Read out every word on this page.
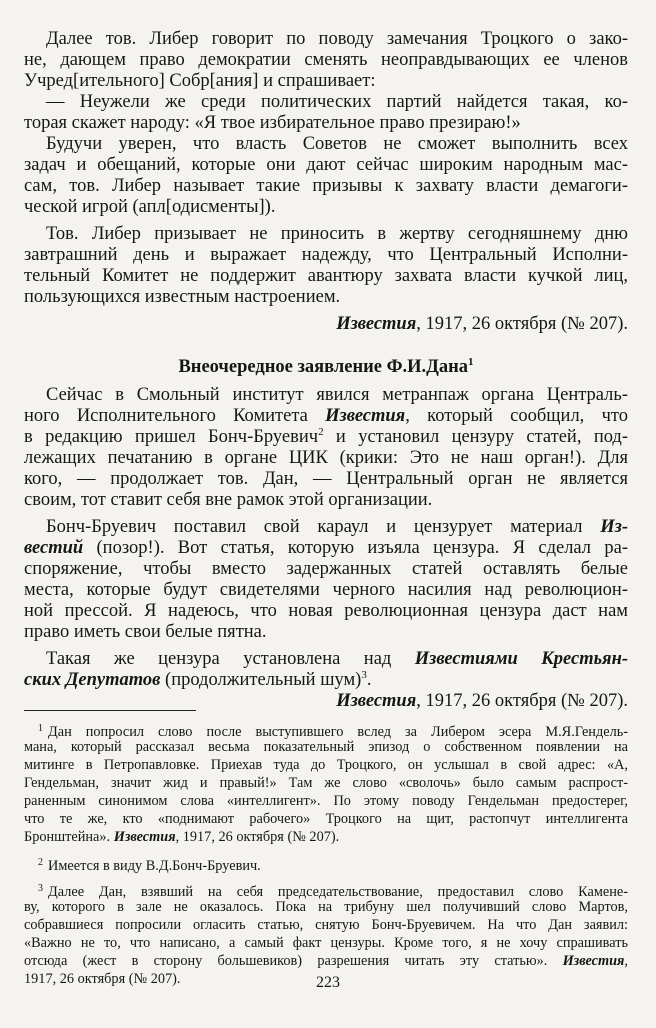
Далее тов. Либер говорит по поводу замечания Троцкого о зако-

не, дающем право демократии сменять неоправдывающих ее членов

Учред[ительного] Собр[ания] и спрашивает:

— Неужели же среди политических партий найдется такая, ко-

торая скажет народу: «Я твое избирательное право презираю!»

Будучи уверен, что власть Советов не сможет выполнить всех

задач и обещаний, которые они дают сейчас широким народным мас-

сам, тов. Либер называет такие призывы к захвату власти демагоги-

ческой игрой (апл[одисменты]).

Тов. Либер призывает не приносить в жертву сегодняшнему дню

завтрашний день и выражает надежду, что Центральный Исполни-

тельный Комитет не поддержит авантюру захвата власти кучкой лиц,

пользующихся известным настроением.

Известия, 1917, 26 октября (№ 207).

Внеочередное заявление Ф.И.Дана$^1$

Сейчас в Смольный институт явился метранпаж органа Централь-

ного Исполнительного Комитета Известия, который сообщил, что

в редакцию пришел Бонч-Бруевич$^2$ и установил цензуру статей, под-

лежащих печатанию в органе ЦИК (крики: Это не наш орган!). Для

кого, — продолжает тов. Дан, — Центральный орган не является

своим, тот ставит себя вне рамок этой организации.

Бонч-Бруевич поставил свой караул и цензурует материал Из-

вестий (позор!). Вот статья, которую изъяла цензура. Я сделал ра-

споряжение, чтобы вместо задержанных статей оставлять белые

места, которые будут свидетелями черного насилия над революцион-

ной прессой. Я надеюсь, что новая революционная цензура даст нам

право иметь свои белые пятна.

Такая же цензура установлена над Известиями Крестьян-

ских Депутатов (продолжительный шум)$^3$.

Известия, 1917, 26 октября (№ 207).

$^1$ Дан попросил слово после выступившего вслед за Либером эсера М.Я.Гендель-

мана, который рассказал весьма показательный эпизод о собственном появлении на

митинге в Петропавловке. Приехав туда до Троцкого, он услышал в свой адрес: «А,

Гендельман, значит жид и правый!» Там же слово «сволочь» было самым распрост-

раненным синонимом слова «интеллигент». По этому поводу Гендельман предостерег,

что те же, кто «поднимают рабочего» Троцкого на щит, растопчут интеллигента

Бронштейна». Известия, 1917, 26 октября (№ 207).

$^2$ Имеется в виду В.Д.Бонч-Бруевич.

$^3$ Далее Дан, взявший на себя председательствование, предоставил слово Камене-

ву, которого в зале не оказалось. Пока на трибуну шел получивший слово Мартов,

собравшиеся попросили огласить статью, снятую Бонч-Бруевичем. На что Дан заявил:

«Важно не то, что написано, а самый факт цензуры. Кроме того, я не хочу спрашивать

отсюда (жест в сторону большевиков) разрешения читать эту статью». Известия,

1917, 26 октября (№ 207).	223
